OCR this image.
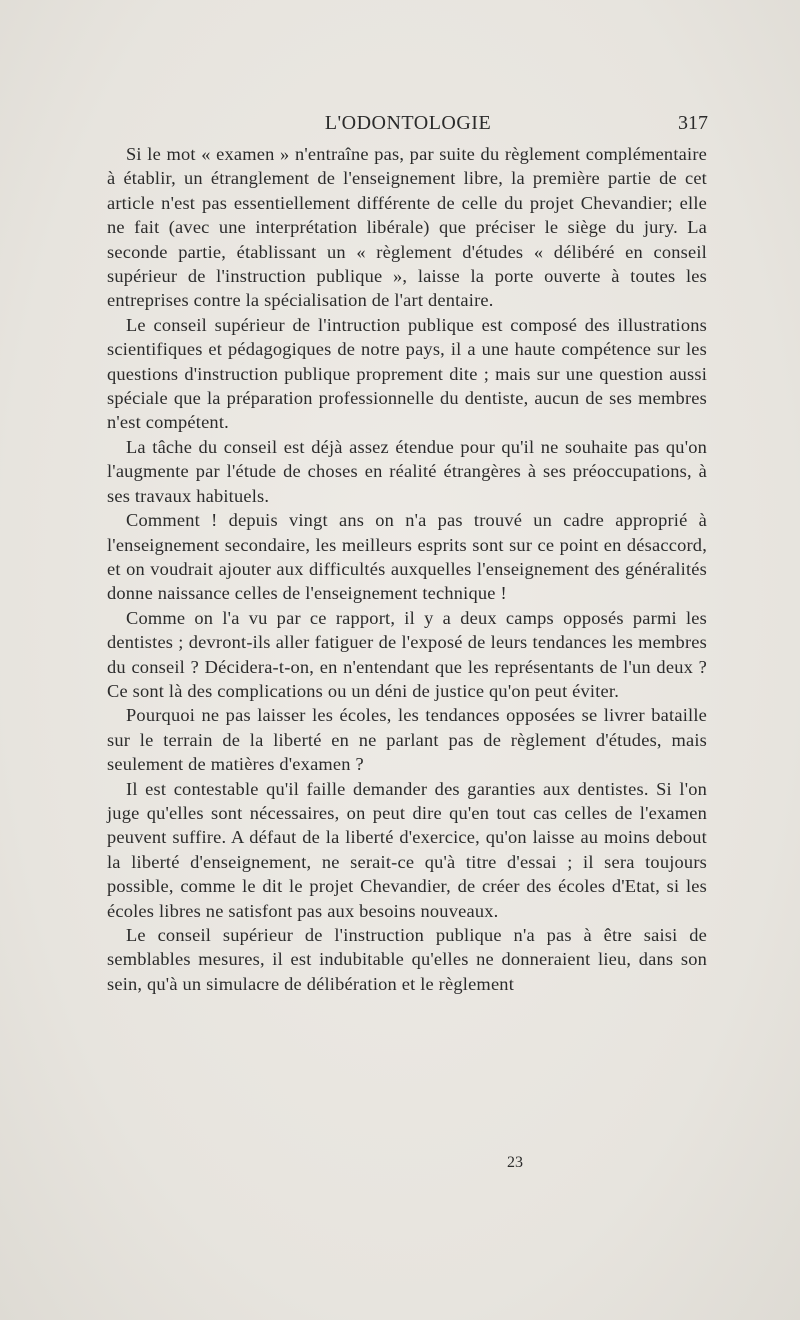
L'ODONTOLOGIE	317

Si le mot « examen » n'entraîne pas, par suite du règlement complémentaire à établir, un étranglement de l'enseignement libre, la première partie de cet article n'est pas essentiellement différente de celle du projet Chevandier; elle ne fait (avec une interprétation libérale) que préciser le siège du jury. La seconde partie, établissant un « règlement d'études « délibéré en conseil supérieur de l'instruction publique », laisse la porte ouverte à toutes les entreprises contre la spécialisation de l'art dentaire.

Le conseil supérieur de l'intruction publique est composé des illustrations scientifiques et pédagogiques de notre pays, il a une haute compétence sur les questions d'instruction publique proprement dite ; mais sur une question aussi spéciale que la préparation professionnelle du dentiste, aucun de ses membres n'est compétent.

La tâche du conseil est déjà assez étendue pour qu'il ne souhaite pas qu'on l'augmente par l'étude de choses en réalité étrangères à ses préoccupations, à ses travaux habituels.

Comment ! depuis vingt ans on n'a pas trouvé un cadre approprié à l'enseignement secondaire, les meilleurs esprits sont sur ce point en désaccord, et on voudrait ajouter aux difficultés auxquelles l'enseignement des généralités donne naissance celles de l'enseignement technique !

Comme on l'a vu par ce rapport, il y a deux camps opposés parmi les dentistes ; devront-ils aller fatiguer de l'exposé de leurs tendances les membres du conseil ? Décidera-t-on, en n'entendant que les représentants de l'un deux ? Ce sont là des complications ou un déni de justice qu'on peut éviter.

Pourquoi ne pas laisser les écoles, les tendances opposées se livrer bataille sur le terrain de la liberté en ne parlant pas de règlement d'études, mais seulement de matières d'examen ?

Il est contestable qu'il faille demander des garanties aux dentistes. Si l'on juge qu'elles sont nécessaires, on peut dire qu'en tout cas celles de l'examen peuvent suffire. A défaut de la liberté d'exercice, qu'on laisse au moins debout la liberté d'enseignement, ne serait-ce qu'à titre d'essai ; il sera toujours possible, comme le dit le projet Chevandier, de créer des écoles d'Etat, si les écoles libres ne satisfont pas aux besoins nouveaux.

Le conseil supérieur de l'instruction publique n'a pas à être saisi de semblables mesures, il est indubitable qu'elles ne donneraient lieu, dans son sein, qu'à un simulacre de délibération et le règlement

23
